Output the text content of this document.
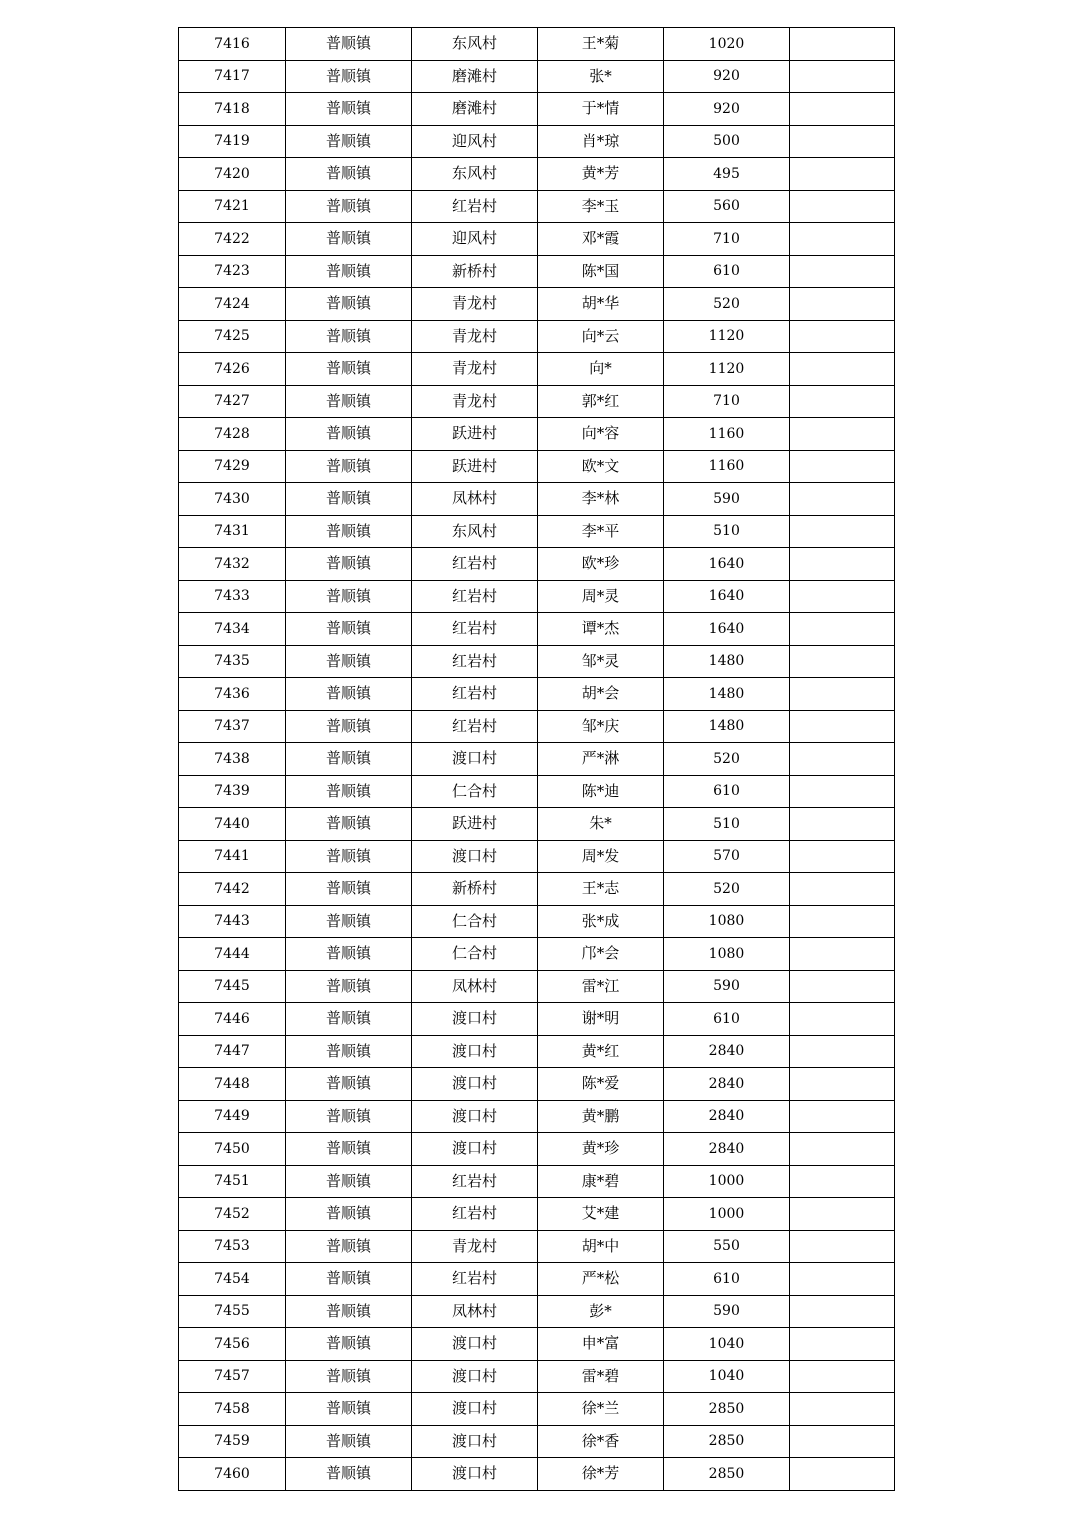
7416	普顺镇	东风村	王*菊	1020	
7417	普顺镇	磨滩村	张*	920	
7418	普顺镇	磨滩村	于*情	920	
7419	普顺镇	迎风村	肖*琼	500	
7420	普顺镇	东风村	黄*芳	495	
7421	普顺镇	红岩村	李*玉	560	
7422	普顺镇	迎风村	邓*霞	710	
7423	普顺镇	新桥村	陈*国	610	
7424	普顺镇	青龙村	胡*华	520	
7425	普顺镇	青龙村	向*云	1120	
7426	普顺镇	青龙村	向*	1120	
7427	普顺镇	青龙村	郭*红	710	
7428	普顺镇	跃进村	向*容	1160	
7429	普顺镇	跃进村	欧*文	1160	
7430	普顺镇	凤林村	李*林	590	
7431	普顺镇	东风村	李*平	510	
7432	普顺镇	红岩村	欧*珍	1640	
7433	普顺镇	红岩村	周*灵	1640	
7434	普顺镇	红岩村	谭*杰	1640	
7435	普顺镇	红岩村	邹*灵	1480	
7436	普顺镇	红岩村	胡*会	1480	
7437	普顺镇	红岩村	邹*庆	1480	
7438	普顺镇	渡口村	严*淋	520	
7439	普顺镇	仁合村	陈*迪	610	
7440	普顺镇	跃进村	朱*	510	
7441	普顺镇	渡口村	周*发	570	
7442	普顺镇	新桥村	王*志	520	
7443	普顺镇	仁合村	张*成	1080	
7444	普顺镇	仁合村	邝*会	1080	
7445	普顺镇	凤林村	雷*江	590	
7446	普顺镇	渡口村	谢*明	610	
7447	普顺镇	渡口村	黄*红	2840	
7448	普顺镇	渡口村	陈*爱	2840	
7449	普顺镇	渡口村	黄*鹏	2840	
7450	普顺镇	渡口村	黄*珍	2840	
7451	普顺镇	红岩村	康*碧	1000	
7452	普顺镇	红岩村	艾*建	1000	
7453	普顺镇	青龙村	胡*中	550	
7454	普顺镇	红岩村	严*松	610	
7455	普顺镇	凤林村	彭*	590	
7456	普顺镇	渡口村	申*富	1040	
7457	普顺镇	渡口村	雷*碧	1040	
7458	普顺镇	渡口村	徐*兰	2850	
7459	普顺镇	渡口村	徐*香	2850	
7460	普顺镇	渡口村	徐*芳	2850	
